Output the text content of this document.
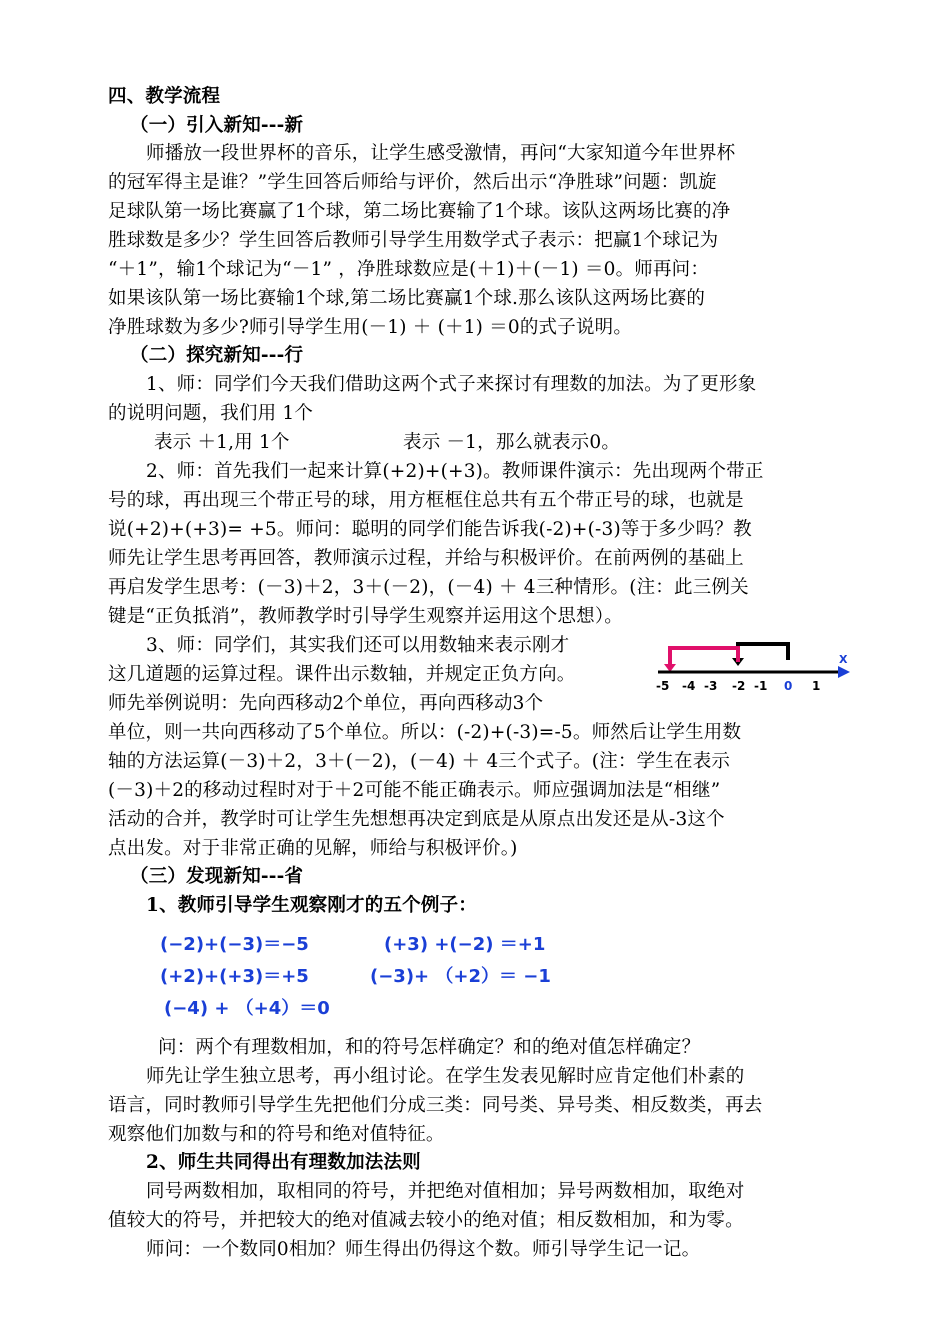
四、教学流程
（一）引入新知---新
师播放一段世界杯的音乐，让学生感受激情，再问“大家知道今年世界杯
的冠军得主是谁？”学生回答后师给与评价，然后出示“净胜球”问题：凯旋
足球队第一场比赛赢了1个球，第二场比赛输了1个球。该队这两场比赛的净
胜球数是多少？学生回答后教师引导学生用数学式子表示：把赢1个球记为
“＋1”，输1个球记为“－1” ，净胜球数应是(＋1)＋(－1) ＝0。师再问：
如果该队第一场比赛输1个球,第二场比赛赢1个球.那么该队这两场比赛的
净胜球数为多少?师引导学生用(－1) ＋ (＋1) ＝0的式子说明。
（二）探究新知---行
1、师：同学们今天我们借助这两个式子来探讨有理数的加法。为了更形象
的说明问题，我们用 1个
表示 ＋1,用 1个	表示 －1，那么就表示0。
2、师：首先我们一起来计算(+2)+(+3)。教师课件演示：先出现两个带正
号的球，再出现三个带正号的球，用方框框住总共有五个带正号的球，也就是
说(+2)+(+3)= +5。师问：聪明的同学们能告诉我(-2)+(-3)等于多少吗？教
师先让学生思考再回答，教师演示过程，并给与积极评价。在前两例的基础上
再启发学生思考：(－3)＋2，3＋(－2)，(－4) ＋ 4三种情形。(注：此三例关
键是“正负抵消”，教师教学时引导学生观察并运用这个思想）。
3、师：同学们，其实我们还可以用数轴来表示刚才
这几道题的运算过程。课件出示数轴，并规定正负方向。
师先举例说明：先向西移动2个单位，再向西移动3个
单位，则一共向西移动了5个单位。所以：(-2)+(-3)=-5。师然后让学生用数
轴的方法运算(－3)＋2，3＋(－2)，(－4) ＋ 4三个式子。(注：学生在表示
(－3)＋2的移动过程时对于＋2可能不能正确表示。师应强调加法是“相继”
活动的合并，教学时可让学生先想想再决定到底是从原点出发还是从-3这个
点出发。对于非常正确的见解，师给与积极评价。)
X
-5 -4 -3 -2 -1 0 1
（三）发现新知---省
1、教师引导学生观察刚才的五个例子：
(−2)+(−3)＝−5	(+3) +(−2) ＝+1
(+2)+(+3)＝+5	(−3)+ （+2）＝ −1
(−4) + （+4）＝0
问：两个有理数相加，和的符号怎样确定？和的绝对值怎样确定？
师先让学生独立思考，再小组讨论。在学生发表见解时应肯定他们朴素的
语言，同时教师引导学生先把他们分成三类：同号类、异号类、相反数类，再去
观察他们加数与和的符号和绝对值特征。
2、师生共同得出有理数加法法则
同号两数相加，取相同的符号，并把绝对值相加；异号两数相加，取绝对
值较大的符号，并把较大的绝对值减去较小的绝对值；相反数相加，和为零。
师问：一个数同0相加？师生得出仍得这个数。师引导学生记一记。
